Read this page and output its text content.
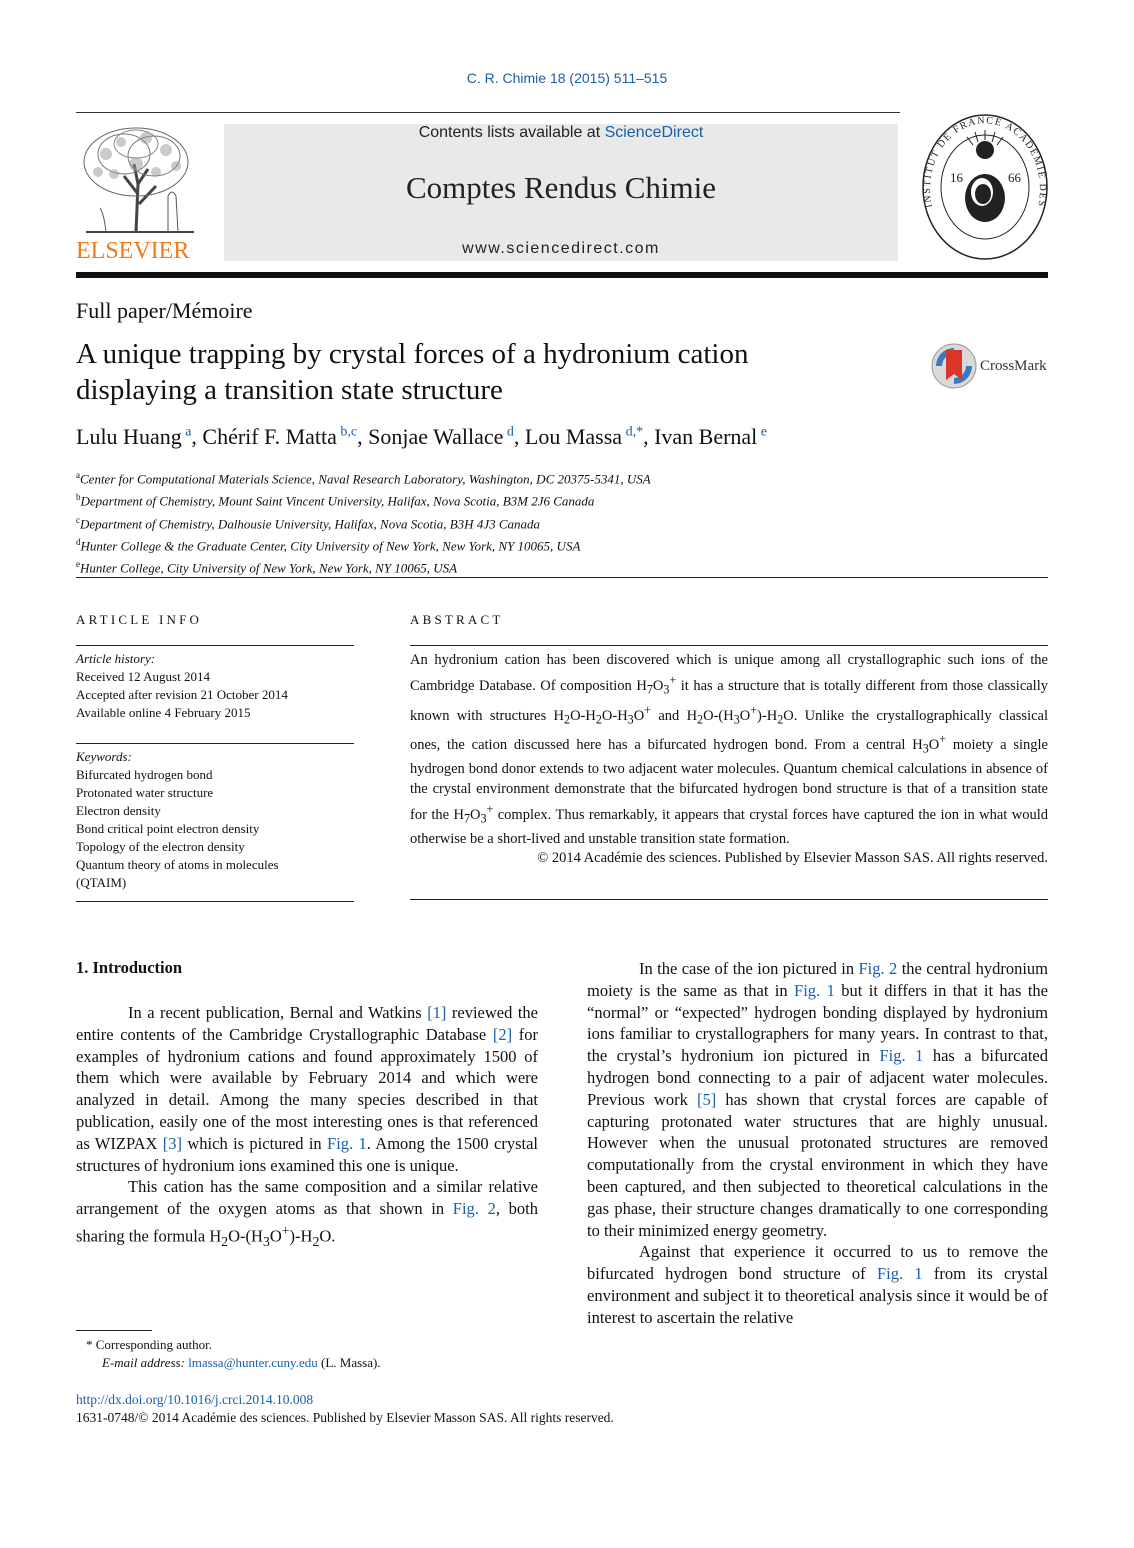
C. R. Chimie 18 (2015) 511–515
ELSEVIER
Contents lists available at ScienceDirect
Comptes Rendus Chimie
www.sciencedirect.com
16	66
INSTITUT DE FRANCE ACADEMIE DES
Full paper/Mémoire
A unique trapping by crystal forces of a hydronium cation
displaying a transition state structure
CrossMark
Lulu Huang $^a$, Chérif F. Matta $^{b,c}$, Sonjae Wallace $^d$, Lou Massa $^{d,*}$, Ivan Bernal $^e$
$^a$Center for Computational Materials Science, Naval Research Laboratory, Washington, DC 20375-5341, USA
$^b$Department of Chemistry, Mount Saint Vincent University, Halifax, Nova Scotia, B3M 2J6 Canada
$^c$Department of Chemistry, Dalhousie University, Halifax, Nova Scotia, B3H 4J3 Canada
$^d$Hunter College & the Graduate Center, City University of New York, New York, NY 10065, USA
$^e$Hunter College, City University of New York, New York, NY 10065, USA
ARTICLE INFO	ABSTRACT
Article history:
Received 12 August 2014
Accepted after revision 21 October 2014
Available online 4 February 2015
Keywords:
Bifurcated hydrogen bond
Protonated water structure
Electron density
Bond critical point electron density
Topology of the electron density
Quantum theory of atoms in molecules
(QTAIM)
An hydronium cation has been discovered which is unique among all crystallographic such ions of the Cambridge Database. Of composition $H_7O_3^+$ it has a structure that is totally different from those classically known with structures $H_2O-H_2O-H_3O^+$ and $H_2O-(H_3O^+)-H_2O$. Unlike the crystallographically classical ones, the cation discussed here has a bifurcated hydrogen bond. From a central $H_3O^+$ moiety a single hydrogen bond donor extends to two adjacent water molecules. Quantum chemical calculations in absence of the crystal environment demonstrate that the bifurcated hydrogen bond structure is that of a transition state for the $H_7O_3^+$ complex. Thus remarkably, it appears that crystal forces have captured the ion in what would otherwise be a short-lived and unstable transition state formation.
© 2014 Académie des sciences. Published by Elsevier Masson SAS. All rights reserved.
1. Introduction

In a recent publication, Bernal and Watkins [1] reviewed the entire contents of the Cambridge Crystallographic Database [2] for examples of hydronium cations and found approximately 1500 of them which were available by February 2014 and which were analyzed in detail. Among the many species described in that publication, easily one of the most interesting ones is that referenced as WIZPAX [3] which is pictured in Fig. 1. Among the 1500 crystal structures of hydronium ions examined this one is unique.

This cation has the same composition and a similar relative arrangement of the oxygen atoms as that shown in Fig. 2, both sharing the formula $H_2O-(H_3O^+)-H_2O$.

In the case of the ion pictured in Fig. 2 the central hydronium moiety is the same as that in Fig. 1 but it differs in that it has the “normal” or “expected” hydrogen bonding displayed by hydronium ions familiar to crystallographers for many years. In contrast to that, the crystal’s hydronium ion pictured in Fig. 1 has a bifurcated hydrogen bond connecting to a pair of adjacent water molecules. Previous work [5] has shown that crystal forces are capable of capturing protonated water structures that are highly unusual. However when the unusual protonated structures are removed computationally from the crystal environment in which they have been captured, and then subjected to theoretical calculations in the gas phase, their structure changes dramatically to one corresponding to their minimized energy geometry.

Against that experience it occurred to us to remove the bifurcated hydrogen bond structure of Fig. 1 from its crystal environment and subject it to theoretical analysis since it would be of interest to ascertain the relative

* Corresponding author.
E-mail address: lmassa@hunter.cuny.edu (L. Massa).
http://dx.doi.org/10.1016/j.crci.2014.10.008
1631-0748/© 2014 Académie des sciences. Published by Elsevier Masson SAS. All rights reserved.
